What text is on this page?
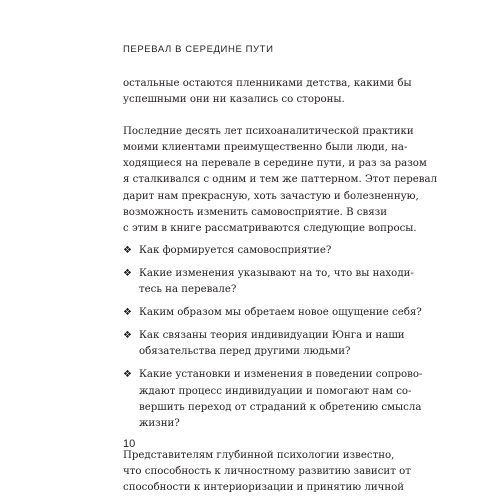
ПЕРЕВАЛ В СЕРЕДИНЕ ПУТИ

остальные остаются пленниками детства, какими бы
успешными они ни казались со стороны.

Последние десять лет психоаналитической практики
моими клиентами преимущественно были люди, на-
ходящиеся на перевале в середине пути, и раз за разом
я сталкивался с одним и тем же паттерном. Этот перевал
дарит нам прекрасную, хоть зачастую и болезненную,
возможность изменить самовосприятие. В связи
с этим в книге рассматриваются следующие вопросы.

❖ Как формируется самовосприятие?
❖ Какие изменения указывают на то, что вы находи-
тесь на перевале?
❖ Каким образом мы обретаем новое ощущение себя?
❖ Как связаны теория индивидуации Юнга и наши
обязательства перед другими людьми?
❖ Какие установки и изменения в поведении сопрово-
ждают процесс индивидуации и помогают нам со-
вершить переход от страданий к обретению смысла
жизни?

Представителям глубинной психологии известно,
что способность к личностному развитию зависит от
способности к интериоризации и принятию личной

10
